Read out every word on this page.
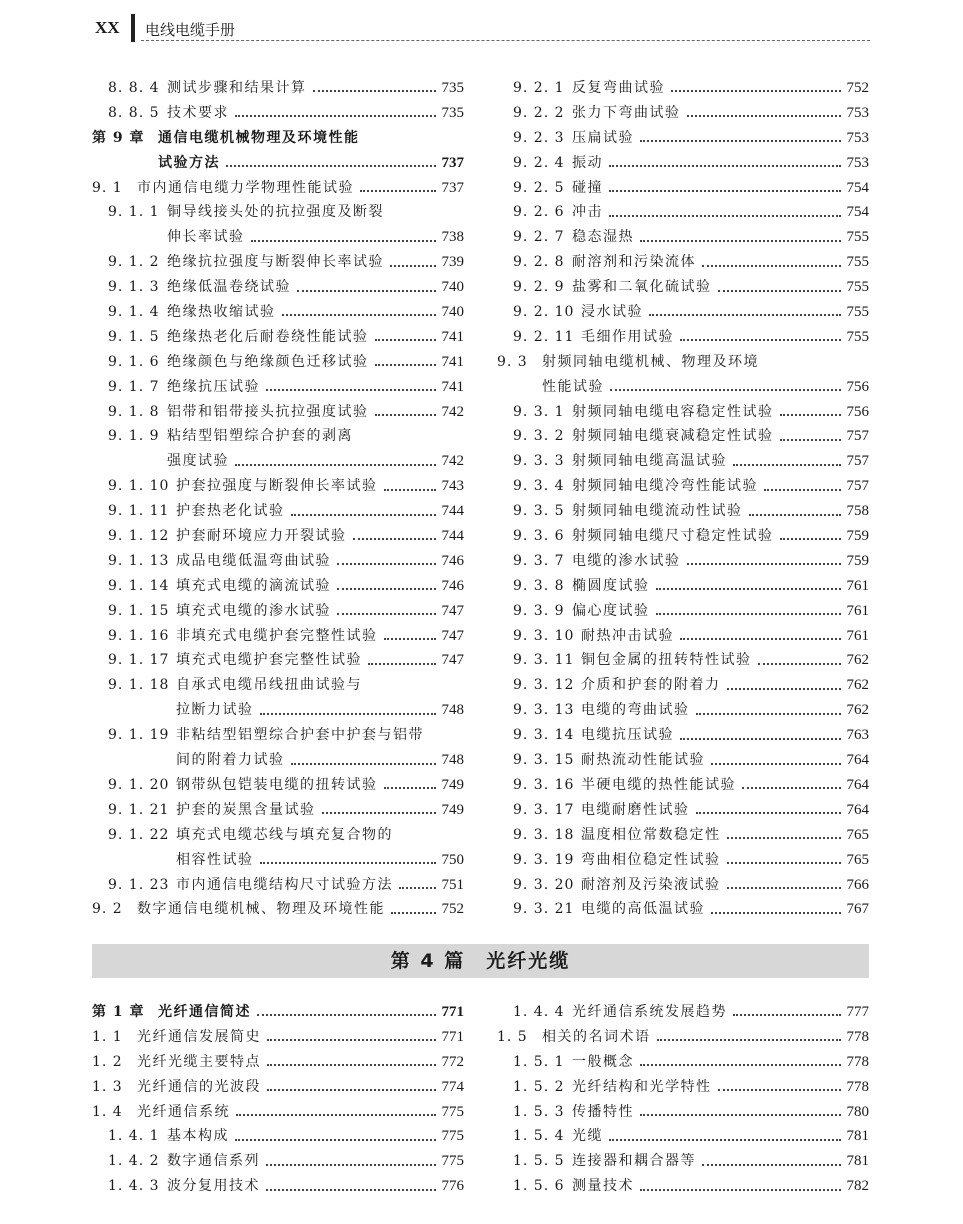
XX 电线电缆手册
8. 8. 4 测试步骤和结果计算	735
8. 8. 5 技术要求	735
第 9 章 通信电缆机械物理及环境性能
试验方法	737
9. 1 市内通信电缆力学物理性能试验	737
9. 1. 1 铜导线接头处的抗拉强度及断裂
伸长率试验	738
9. 1. 2 绝缘抗拉强度与断裂伸长率试验	739
9. 1. 3 绝缘低温卷绕试验	740
9. 1. 4 绝缘热收缩试验	740
9. 1. 5 绝缘热老化后耐卷绕性能试验	741
9. 1. 6 绝缘颜色与绝缘颜色迁移试验	741
9. 1. 7 绝缘抗压试验	741
9. 1. 8 铝带和铝带接头抗拉强度试验	742
9. 1. 9 粘结型铝塑综合护套的剥离
强度试验	742
9. 1. 10 护套拉强度与断裂伸长率试验	743
9. 1. 11 护套热老化试验	744
9. 1. 12 护套耐环境应力开裂试验	744
9. 1. 13 成品电缆低温弯曲试验	746
9. 1. 14 填充式电缆的滴流试验	746
9. 1. 15 填充式电缆的渗水试验	747
9. 1. 16 非填充式电缆护套完整性试验	747
9. 1. 17 填充式电缆护套完整性试验	747
9. 1. 18 自承式电缆吊线扭曲试验与
拉断力试验	748
9. 1. 19 非粘结型铝塑综合护套中护套与铝带
间的附着力试验	748
9. 1. 20 钢带纵包铠装电缆的扭转试验	749
9. 1. 21 护套的炭黑含量试验	749
9. 1. 22 填充式电缆芯线与填充复合物的
相容性试验	750
9. 1. 23 市内通信电缆结构尺寸试验方法	751
9. 2 数字通信电缆机械、物理及环境性能	752
9. 2. 1 反复弯曲试验	752
9. 2. 2 张力下弯曲试验	753
9. 2. 3 压扁试验	753
9. 2. 4 振动	753
9. 2. 5 碰撞	754
9. 2. 6 冲击	754
9. 2. 7 稳态湿热	755
9. 2. 8 耐溶剂和污染流体	755
9. 2. 9 盐雾和二氧化硫试验	755
9. 2. 10 浸水试验	755
9. 2. 11 毛细作用试验	755
9. 3 射频同轴电缆机械、物理及环境
性能试验	756
9. 3. 1 射频同轴电缆电容稳定性试验	756
9. 3. 2 射频同轴电缆衰减稳定性试验	757
9. 3. 3 射频同轴电缆高温试验	757
9. 3. 4 射频同轴电缆冷弯性能试验	757
9. 3. 5 射频同轴电缆流动性试验	758
9. 3. 6 射频同轴电缆尺寸稳定性试验	759
9. 3. 7 电缆的渗水试验	759
9. 3. 8 椭圆度试验	761
9. 3. 9 偏心度试验	761
9. 3. 10 耐热冲击试验	761
9. 3. 11 铜包金属的扭转特性试验	762
9. 3. 12 介质和护套的附着力	762
9. 3. 13 电缆的弯曲试验	762
9. 3. 14 电缆抗压试验	763
9. 3. 15 耐热流动性能试验	764
9. 3. 16 半硬电缆的热性能试验	764
9. 3. 17 电缆耐磨性试验	764
9. 3. 18 温度相位常数稳定性	765
9. 3. 19 弯曲相位稳定性试验	765
9. 3. 20 耐溶剂及污染液试验	766
9. 3. 21 电缆的高低温试验	767
第 4 篇　光纤光缆
第 1 章 光纤通信简述	771
1. 1 光纤通信发展简史	771
1. 2 光纤光缆主要特点	772
1. 3 光纤通信的光波段	774
1. 4 光纤通信系统	775
1. 4. 1 基本构成	775
1. 4. 2 数字通信系列	775
1. 4. 3 波分复用技术	776
1. 4. 4 光纤通信系统发展趋势	777
1. 5 相关的名词术语	778
1. 5. 1 一般概念	778
1. 5. 2 光纤结构和光学特性	778
1. 5. 3 传播特性	780
1. 5. 4 光缆	781
1. 5. 5 连接器和耦合器等	781
1. 5. 6 测量技术	782
